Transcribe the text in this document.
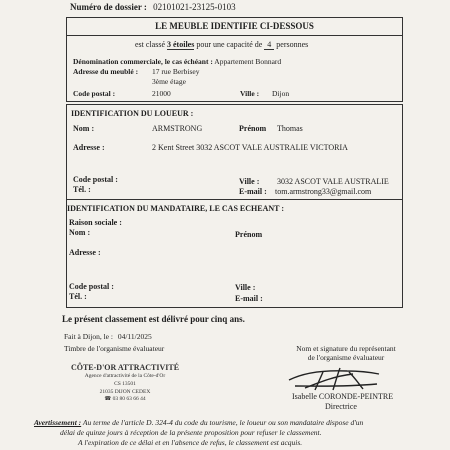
Numéro de dossier : 02101021-23125-0103
LE MEUBLE IDENTIFIE CI-DESSOUS
est classé 3 étoiles pour une capacité de 4 personnes
Dénomination commerciale, le cas échéant : Appartement Bonnard
Adresse du meublé : 17 rue Berbisey
3ème étage
Code postal :	21000	Ville : Dijon
IDENTIFICATION DU LOUEUR :
Nom :	ARMSTRONG	Prénom Thomas
Adresse :	2 Kent Street 3032 ASCOT VALE AUSTRALIE VICTORIA
Code postal :
Tél. :
Ville : 3032 ASCOT VALE AUSTRALIE
E-mail : tom.armstrong33@gmail.com
IDENTIFICATION DU MANDATAIRE, LE CAS ECHEANT :
Raison sociale :
Nom :	Prénom
Adresse :
Code postal :
Tél. :
Ville :
E-mail :
Le présent classement est délivré pour cinq ans.
Fait à Dijon, le : 04/11/2025
Timbre de l'organisme évaluateur	Nom et signature du représentant
de l'organisme évaluateur
CÔTE-D'OR ATTRACTIVITÉ
Agence d'attractivité de la Côte-d'Or
CS 13501
21035 DIJON CEDEX
☎ 03 80 63 66 44	Isabelle CORONDE-PEINTRE
Directrice
Avertissement : Au terme de l'article D. 324-4 du code du tourisme, le loueur ou son mandataire dispose d'un
délai de quinze jours à réception de la présente proposition pour refuser le classement.
A l'expiration de ce délai et en l'absence de refus, le classement est acquis.
